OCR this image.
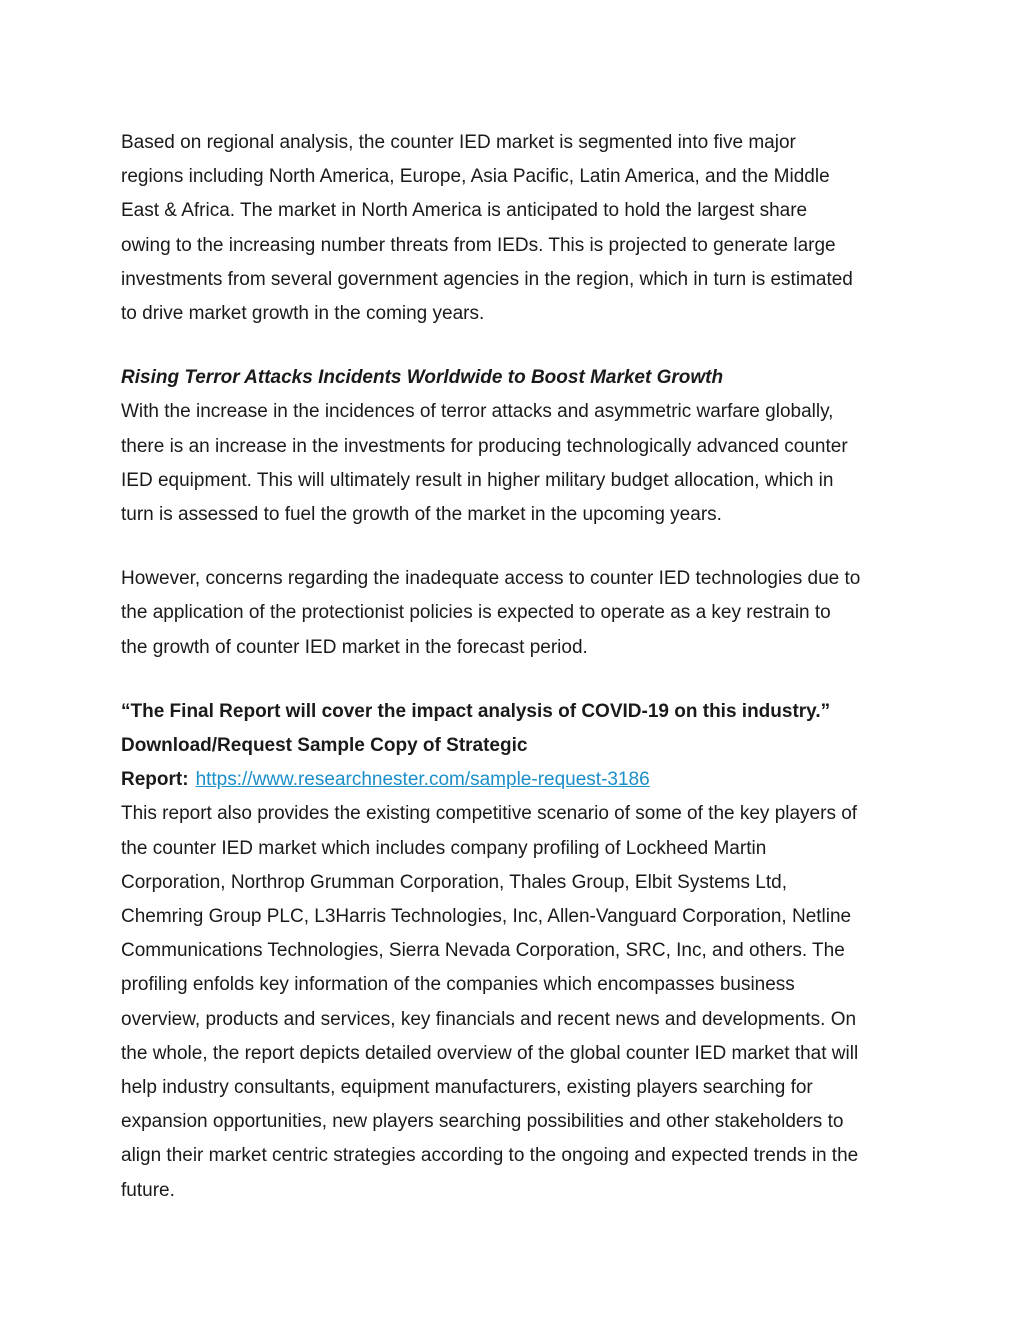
Based on regional analysis, the counter IED market is segmented into five major

regions including North America, Europe, Asia Pacific, Latin America, and the Middle

East & Africa. The market in North America is anticipated to hold the largest share

owing to the increasing number threats from IEDs. This is projected to generate large

investments from several government agencies in the region, which in turn is estimated

to drive market growth in the coming years.

Rising Terror Attacks Incidents Worldwide to Boost Market Growth

With the increase in the incidences of terror attacks and asymmetric warfare globally,

there is an increase in the investments for producing technologically advanced counter

IED equipment. This will ultimately result in higher military budget allocation, which in

turn is assessed to fuel the growth of the market in the upcoming years.

However, concerns regarding the inadequate access to counter IED technologies due to

the application of the protectionist policies is expected to operate as a key restrain to

the growth of counter IED market in the forecast period.

“The Final Report will cover the impact analysis of COVID-19 on this industry.”

Download/Request Sample Copy of Strategic

Report: https://www.researchnester.com/sample-request-3186

This report also provides the existing competitive scenario of some of the key players of

the counter IED market which includes company profiling of Lockheed Martin

Corporation, Northrop Grumman Corporation, Thales Group, Elbit Systems Ltd,

Chemring Group PLC, L3Harris Technologies, Inc, Allen-Vanguard Corporation, Netline

Communications Technologies, Sierra Nevada Corporation, SRC, Inc, and others. The

profiling enfolds key information of the companies which encompasses business

overview, products and services, key financials and recent news and developments. On

the whole, the report depicts detailed overview of the global counter IED market that will

help industry consultants, equipment manufacturers, existing players searching for

expansion opportunities, new players searching possibilities and other stakeholders to

align their market centric strategies according to the ongoing and expected trends in the

future.
